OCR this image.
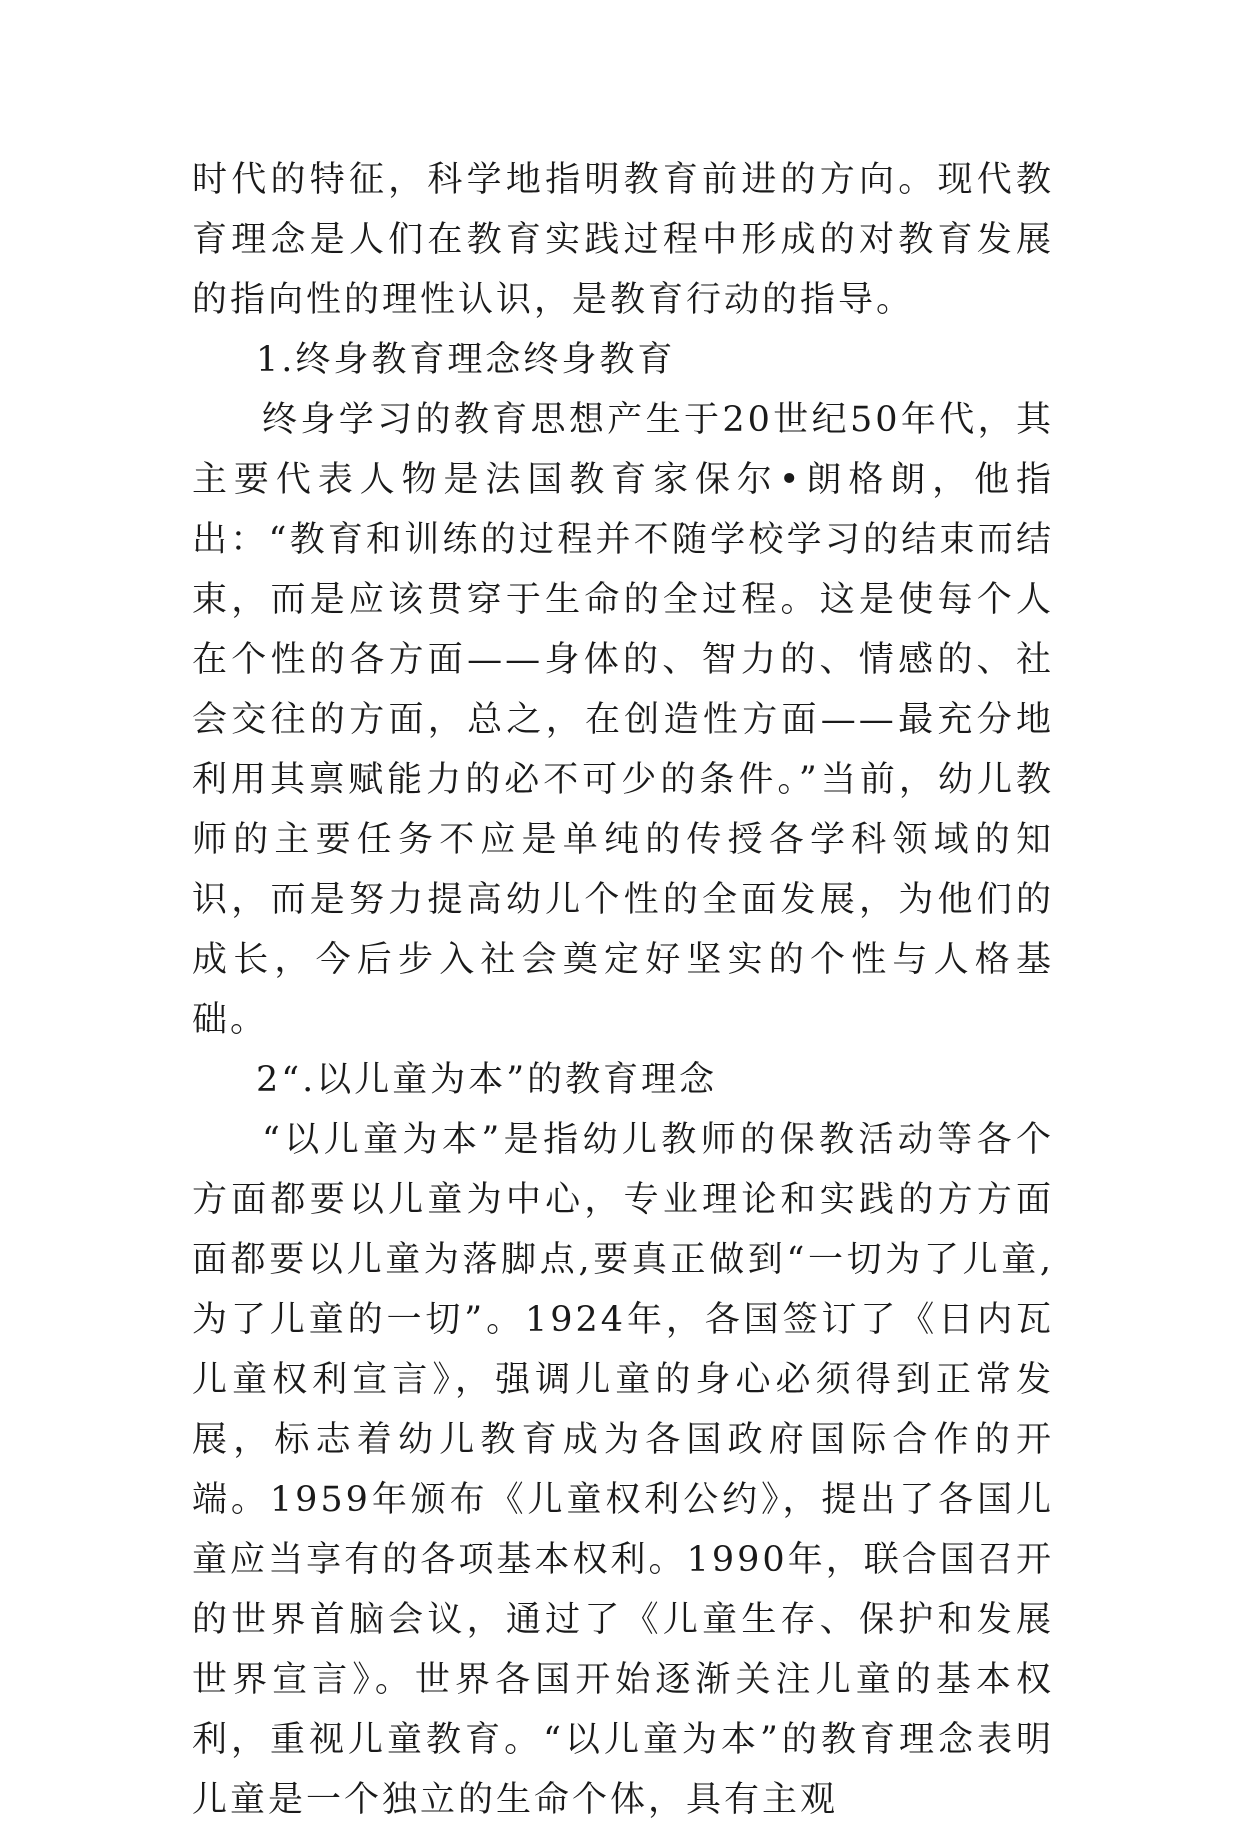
时代的特征，科学地指明教育前进的方向。现代教育理念是人们在教育实践过程中形成的对教育发展的指向性的理性认识，是教育行动的指导。

1.终身教育理念终身教育

终身学习的教育思想产生于20世纪50年代，其主要代表人物是法国教育家保尔•朗格朗，他指出：“教育和训练的过程并不随学校学习的结束而结束，而是应该贯穿于生命的全过程。这是使每个人在个性的各方面——身体的、智力的、情感的、社会交往的方面，总之，在创造性方面——最充分地利用其禀赋能力的必不可少的条件。”当前，幼儿教师的主要任务不应是单纯的传授各学科领域的知识，而是努力提高幼儿个性的全面发展，为他们的成长，今后步入社会奠定好坚实的个性与人格基础。

2“.以儿童为本”的教育理念

“以儿童为本”是指幼儿教师的保教活动等各个方面都要以儿童为中心，专业理论和实践的方方面面都要以儿童为落脚点,要真正做到“一切为了儿童,为了儿童的一切”。1924年，各国签订了《日内瓦儿童权利宣言》，强调儿童的身心必须得到正常发展，标志着幼儿教育成为各国政府国际合作的开端。1959年颁布《儿童权利公约》，提出了各国儿童应当享有的各项基本权利。1990年，联合国召开的世界首脑会议，通过了《儿童生存、保护和发展世界宣言》。世界各国开始逐渐关注儿童的基本权利，重视儿童教育。“以儿童为本”的教育理念表明儿童是一个独立的生命个体，具有主观
